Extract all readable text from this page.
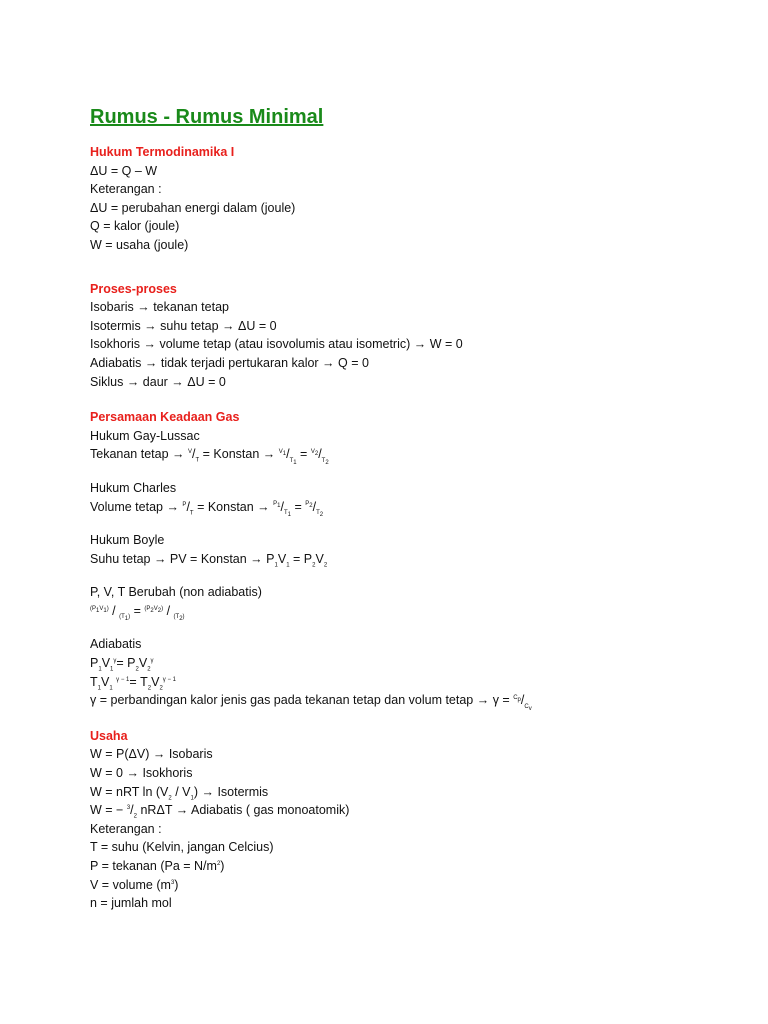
Rumus - Rumus Minimal
Hukum Termodinamika I
ΔU = Q – W
Keterangan :
ΔU = perubahan energi dalam (joule)
Q = kalor (joule)
W = usaha (joule)
Proses-proses
Isobaris → tekanan tetap
Isotermis → suhu tetap → ΔU = 0
Isokhoris → volume tetap (atau isovolumis atau isometric) → W = 0
Adiabatis → tidak terjadi pertukaran kalor → Q = 0
Siklus → daur → ΔU = 0
Persamaan Keadaan Gas
Hukum Gay-Lussac
Tekanan tetap → $^V/_T$ = Konstan → $^{V_1}/_{T_1} = ^{V_2}/_{T_2}$
Hukum Charles
Volume tetap → $^P/_T$ = Konstan → $^{P_1}/_{T_1} = ^{P_2}/_{T_2}$
Hukum Boyle
Suhu tetap → PV = Konstan → $P_1V_1 = P_2V_2$
P, V, T Berubah (non adiabatis)
$^{(P_1V_1)}$ / $_{(T_1)}$ = $^{(P_2V_2)}$ / $_{(T_2)}$
Adiabatis
$P_1V_1^\gamma= P_2V_2^\gamma$
$T_1V_1$ $^{\gamma - 1}= T_2V_2^{\gamma - 1}$
γ = perbandingan kalor jenis gas pada tekanan tetap dan volum tetap → $\gamma = ^{C_p}/_{C_v}$
Usaha
W = P(ΔV) → Isobaris
W = 0 → Isokhoris
W = nRT $\ln (V_2 / V_1)$ → Isotermis
W = − $^3/_2$ nRΔT → Adiabatis ( gas monoatomik)
Keterangan :
T = suhu (Kelvin, jangan Celcius)
P = tekanan $(Pa = N/m^2)$
V = volume $(m^3)$
n = jumlah mol
